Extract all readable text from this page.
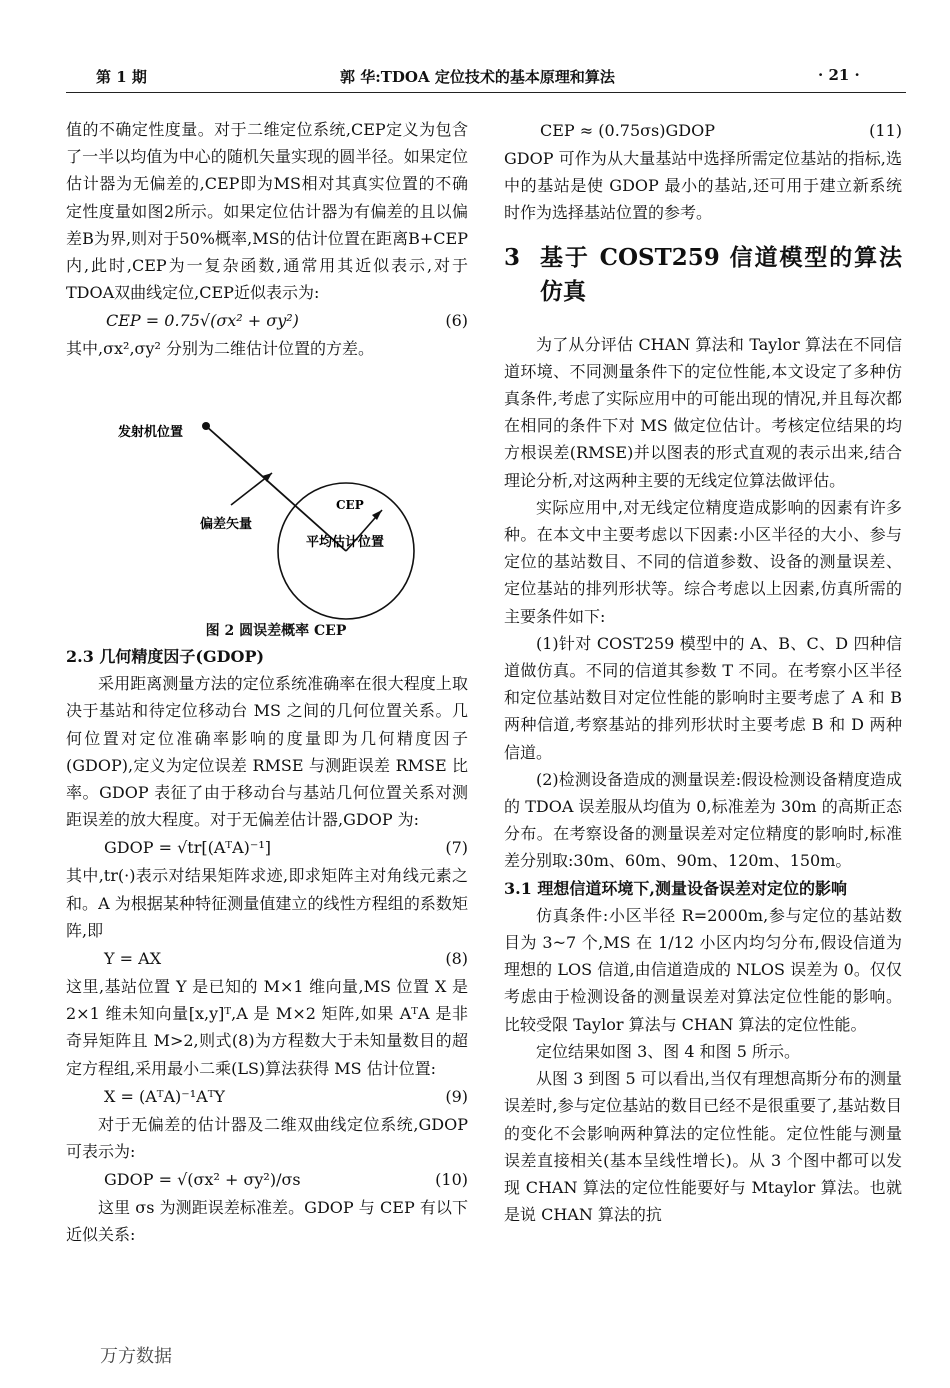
第 1 期	郭 华:TDOA 定位技术的基本原理和算法	· 21 ·

值的不确定性度量。对于二维定位系统,CEP定义为包含了一半以均值为中心的随机矢量实现的圆半径。如果定位估计器为无偏差的,CEP即为MS相对其真实位置的不确定性度量如图2所示。如果定位估计器为有偏差的且以偏差B为界,则对于50%概率,MS的估计位置在距离B+CEP内,此时,CEP为一复杂函数,通常用其近似表示,对于TDOA双曲线定位,CEP近似表示为:

CEP = 0.75√(σx² + σy²)	(6)

其中,σx²,σy² 分别为二维估计位置的方差。

发射机位置
偏差矢量
CEP
平均估计位置
图 2 圆误差概率 CEP

2.3 几何精度因子(GDOP)

采用距离测量方法的定位系统准确率在很大程度上取决于基站和待定位移动台 MS 之间的几何位置关系。几何位置对定位准确率影响的度量即为几何精度因子(GDOP),定义为定位误差 RMSE 与测距误差 RMSE 比率。GDOP 表征了由于移动台与基站几何位置关系对测距误差的放大程度。对于无偏差估计器,GDOP 为:

GDOP = √tr[(AᵀA)⁻¹]	(7)

其中,tr(·)表示对结果矩阵求迹,即求矩阵主对角线元素之和。A 为根据某种特征测量值建立的线性方程组的系数矩阵,即

Y = AX	(8)

这里,基站位置 Y 是已知的 M×1 维向量,MS 位置 X 是 2×1 维未知向量[x,y]ᵀ,A 是 M×2 矩阵,如果 AᵀA 是非奇异矩阵且 M>2,则式(8)为方程数大于未知量数目的超定方程组,采用最小二乘(LS)算法获得 MS 估计位置:

X = (AᵀA)⁻¹AᵀY	(9)

对于无偏差的估计器及二维双曲线定位系统,GDOP 可表示为:

GDOP = √(σx² + σy²)/σs	(10)

这里 σs 为测距误差标准差。GDOP 与 CEP 有以下近似关系:

CEP ≈ (0.75σs)GDOP	(11)

GDOP 可作为从大量基站中选择所需定位基站的指标,选中的基站是使 GDOP 最小的基站,还可用于建立新系统时作为选择基站位置的参考。

3 基于 COST259 信道模型的算法仿真

为了从分评估 CHAN 算法和 Taylor 算法在不同信道环境、不同测量条件下的定位性能,本文设定了多种仿真条件,考虑了实际应用中的可能出现的情况,并且每次都在相同的条件下对 MS 做定位估计。考核定位结果的均方根误差(RMSE)并以图表的形式直观的表示出来,结合理论分析,对这两种主要的无线定位算法做评估。

实际应用中,对无线定位精度造成影响的因素有许多种。在本文中主要考虑以下因素:小区半径的大小、参与定位的基站数目、不同的信道参数、设备的测量误差、定位基站的排列形状等。综合考虑以上因素,仿真所需的主要条件如下:

(1)针对 COST259 模型中的 A、B、C、D 四种信道做仿真。不同的信道其参数 T 不同。在考察小区半径和定位基站数目对定位性能的影响时主要考虑了 A 和 B 两种信道,考察基站的排列形状时主要考虑 B 和 D 两种信道。

(2)检测设备造成的测量误差:假设检测设备精度造成的 TDOA 误差服从均值为 0,标准差为 30m 的高斯正态分布。在考察设备的测量误差对定位精度的影响时,标准差分别取:30m、60m、90m、120m、150m。

3.1 理想信道环境下,测量设备误差对定位的影响

仿真条件:小区半径 R=2000m,参与定位的基站数目为 3~7 个,MS 在 1/12 小区内均匀分布,假设信道为理想的 LOS 信道,由信道造成的 NLOS 误差为 0。仅仅考虑由于检测设备的测量误差对算法定位性能的影响。比较受限 Taylor 算法与 CHAN 算法的定位性能。

定位结果如图 3、图 4 和图 5 所示。

从图 3 到图 5 可以看出,当仅有理想高斯分布的测量误差时,参与定位基站的数目已经不是很重要了,基站数目的变化不会影响两种算法的定位性能。定位性能与测量误差直接相关(基本呈线性增长)。从 3 个图中都可以发现 CHAN 算法的定位性能要好与 Mtaylor 算法。也就是说 CHAN 算法的抗

万方数据
